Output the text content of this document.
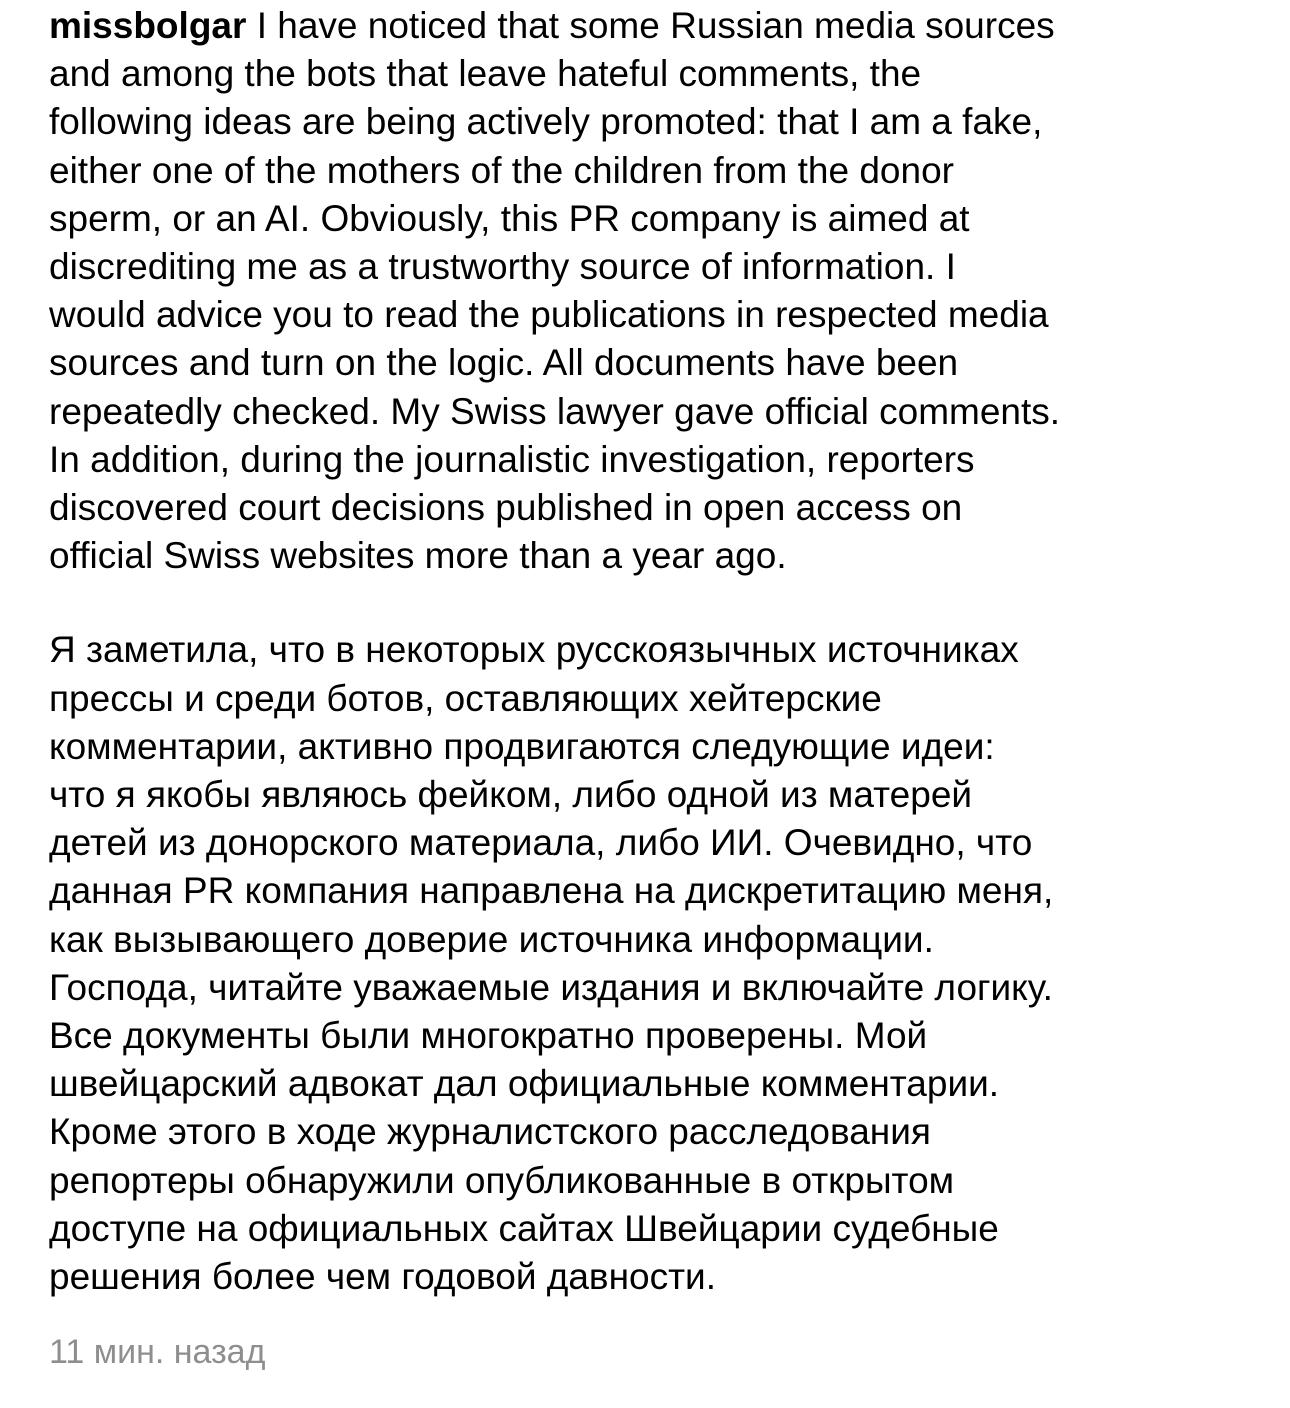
missbolgar I have noticed that some Russian media sources
and among the bots that leave hateful comments, the
following ideas are being actively promoted: that I am a fake,
either one of the mothers of the children from the donor
sperm, or an AI. Obviously, this PR company is aimed at
discrediting me as a trustworthy source of information. I
would advice you to read the publications in respected media
sources and turn on the logic. All documents have been
repeatedly checked. My Swiss lawyer gave official comments.
In addition, during the journalistic investigation, reporters
discovered court decisions published in open access on
official Swiss websites more than a year ago.

Я заметила, что в некоторых русскоязычных источниках
прессы и среди ботов, оставляющих хейтерские
комментарии, активно продвигаются следующие идеи:
что я якобы являюсь фейком, либо одной из матерей
детей из донорского материала, либо ИИ. Очевидно, что
данная PR компания направлена на дискретитацию меня,
как вызывающего доверие источника информации.
Господа, читайте уважаемые издания и включайте логику.
Все документы были многократно проверены. Мой
швейцарский адвокат дал официальные комментарии.
Кроме этого в ходе журналистского расследования
репортеры обнаружили опубликованные в открытом
доступе на официальных сайтах Швейцарии судебные
решения более чем годовой давности.

11 мин. назад
